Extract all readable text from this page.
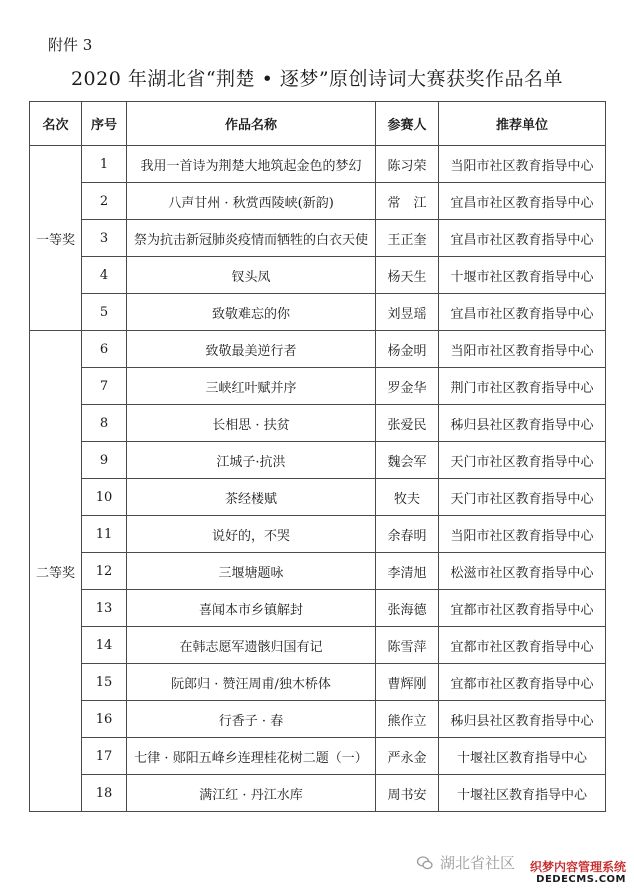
附件 3
2020 年湖北省“荆楚 • 逐梦”原创诗词大赛获奖作品名单
名次	序号	作品名称	参赛人	推荐单位
一等奖	1	我用一首诗为荆楚大地筑起金色的梦幻	陈习荣	当阳市社区教育指导中心
	2	八声甘州 · 秋赏西陵峡(新韵)	常　江	宜昌市社区教育指导中心
	3	祭为抗击新冠肺炎疫情而牺牲的白衣天使	王正奎	宜昌市社区教育指导中心
	4	钗头凤	杨天生	十堰市社区教育指导中心
	5	致敬难忘的你	刘昱瑶	宜昌市社区教育指导中心
二等奖	6	致敬最美逆行者	杨金明	当阳市社区教育指导中心
	7	三峡红叶赋并序	罗金华	荆门市社区教育指导中心
	8	长相思 · 扶贫	张爱民	秭归县社区教育指导中心
	9	江城子·抗洪	魏会军	天门市社区教育指导中心
	10	茶经楼赋	牧夫	天门市社区教育指导中心
	11	说好的，不哭	余春明	当阳市社区教育指导中心
	12	三堰塘题咏	李清旭	松滋市社区教育指导中心
	13	喜闻本市乡镇解封	张海德	宜都市社区教育指导中心
	14	在韩志愿军遗骸归国有记	陈雪萍	宜都市社区教育指导中心
	15	阮郎归 · 赞汪周甫/独木桥体	曹辉刚	宜都市社区教育指导中心
	16	行香子 · 春	熊作立	秭归县社区教育指导中心
	17	七律 · 郧阳五峰乡连理桂花树二题（一）	严永金	十堰社区教育指导中心
	18	满江红 · 丹江水库	周书安	十堰社区教育指导中心
湖北省社区 织梦内容管理系统
DEDECMS.COM
